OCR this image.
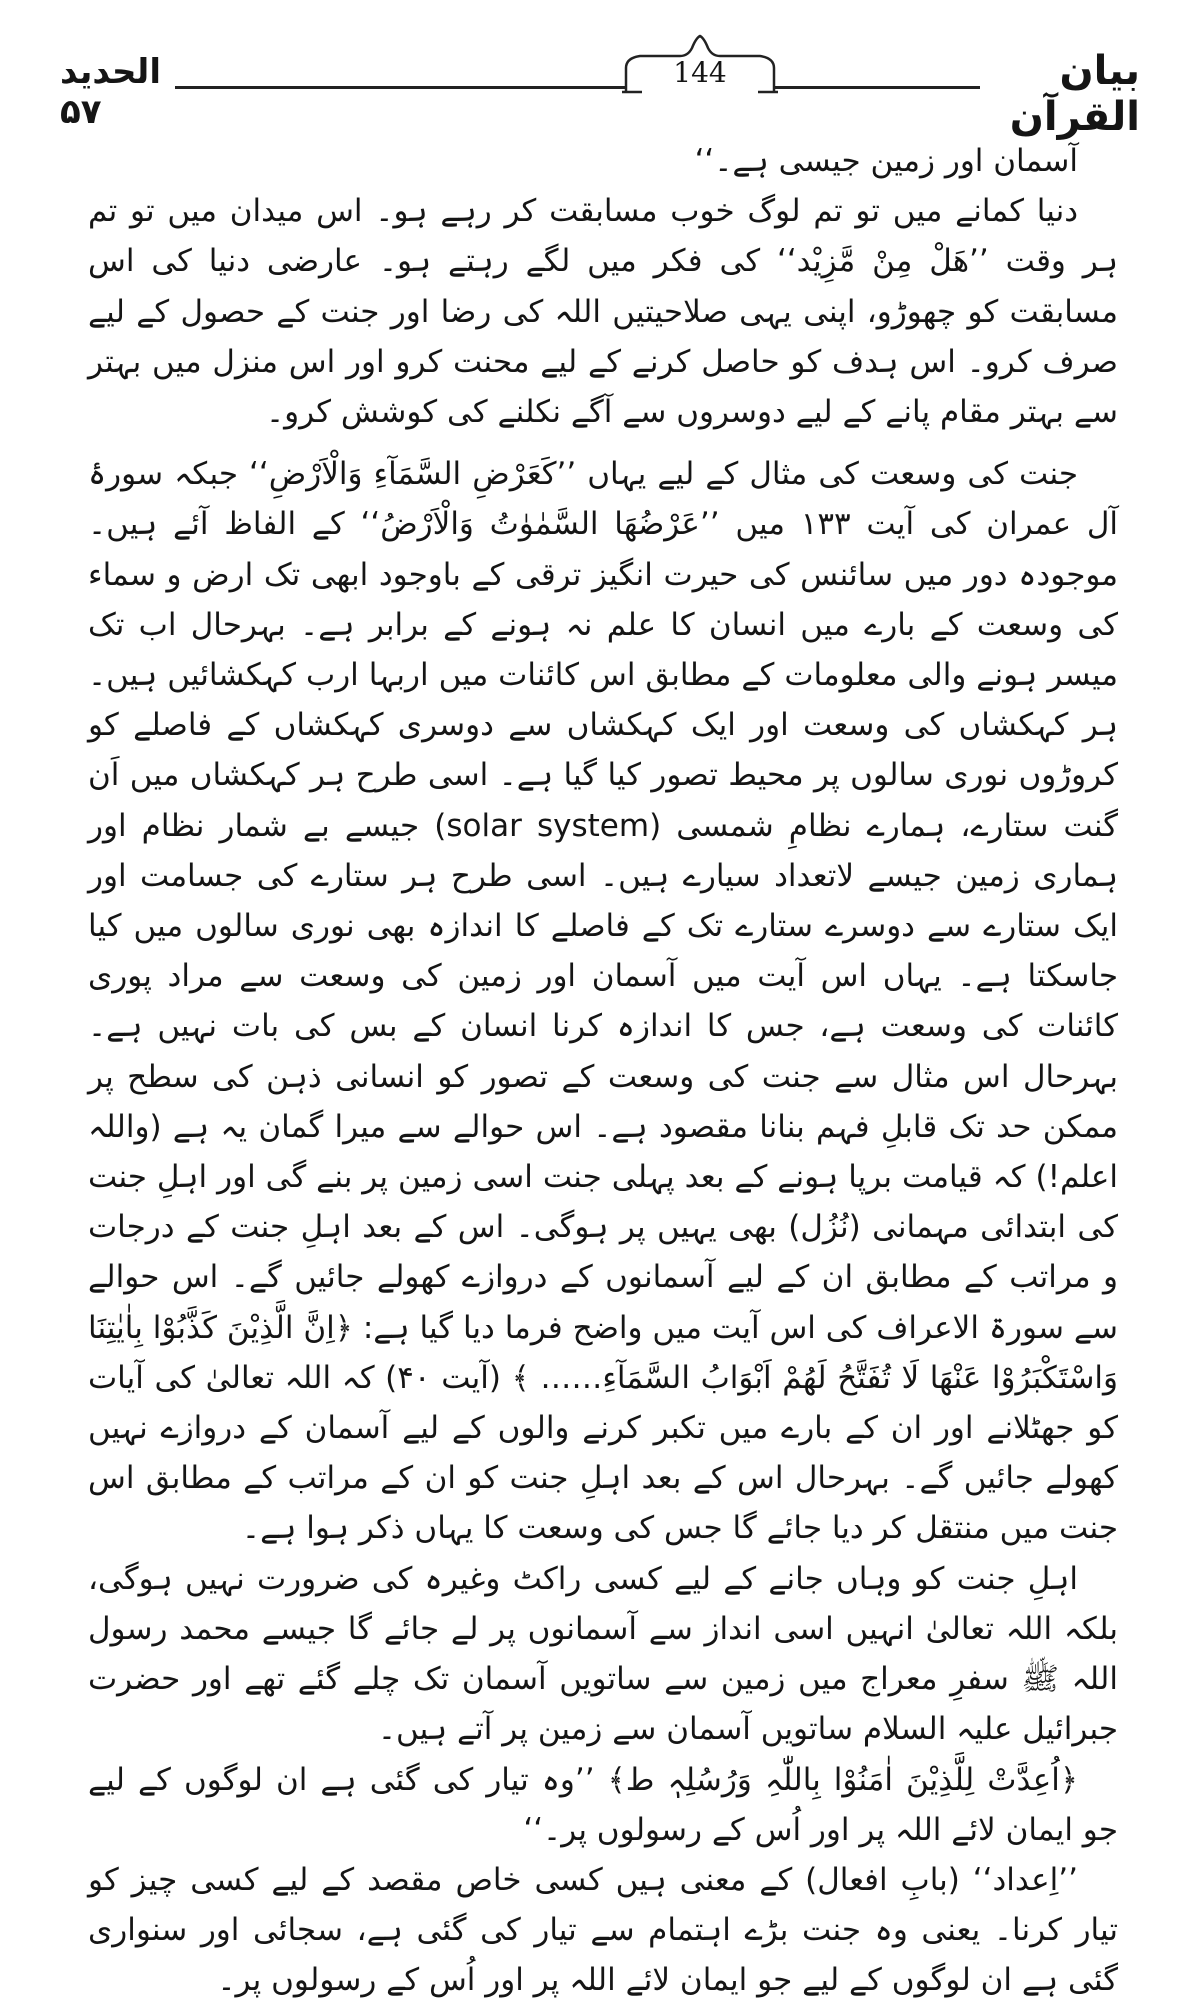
الحدید ۵۷
144	بیان القرآن

آسمان اور زمین جیسی ہے۔‘‘

دنیا کمانے میں تو تم لوگ خوب مسابقت کر رہے ہو۔ اس میدان میں تو تم ہر وقت ’’ھَلْ مِنْ مَّزِیْد‘‘ کی فکر میں لگے رہتے ہو۔ عارضی دنیا کی اس مسابقت کو چھوڑو، اپنی یہی صلاحیتیں اللہ کی رضا اور جنت کے حصول کے لیے صرف کرو۔ اس ہدف کو حاصل کرنے کے لیے محنت کرو اور اس منزل میں بہتر سے بہتر مقام پانے کے لیے دوسروں سے آگے نکلنے کی کوشش کرو۔

جنت کی وسعت کی مثال کے لیے یہاں ’’کَعَرْضِ السَّمَآءِ وَالْاَرْضِ‘‘ جبکہ سورۂ آل عمران کی آیت ۱۳۳ میں ’’عَرْضُھَا السَّمٰوٰتُ وَالْاَرْضُ‘‘ کے الفاظ آئے ہیں۔ موجودہ دور میں سائنس کی حیرت انگیز ترقی کے باوجود ابھی تک ارض و سماء کی وسعت کے بارے میں انسان کا علم نہ ہونے کے برابر ہے۔ بہرحال اب تک میسر ہونے والی معلومات کے مطابق اس کائنات میں اربہا ارب کہکشائیں ہیں۔ ہر کہکشاں کی وسعت اور ایک کہکشاں سے دوسری کہکشاں کے فاصلے کو کروڑوں نوری سالوں پر محیط تصور کیا گیا ہے۔ اسی طرح ہر کہکشاں میں اَن گنت ستارے، ہمارے نظامِ شمسی (solar system) جیسے بے شمار نظام اور ہماری زمین جیسے لاتعداد سیارے ہیں۔ اسی طرح ہر ستارے کی جسامت اور ایک ستارے سے دوسرے ستارے تک کے فاصلے کا اندازہ بھی نوری سالوں میں کیا جاسکتا ہے۔ یہاں اس آیت میں آسمان اور زمین کی وسعت سے مراد پوری کائنات کی وسعت ہے، جس کا اندازہ کرنا انسان کے بس کی بات نہیں ہے۔ بہرحال اس مثال سے جنت کی وسعت کے تصور کو انسانی ذہن کی سطح پر ممکن حد تک قابلِ فہم بنانا مقصود ہے۔ اس حوالے سے میرا گمان یہ ہے (واللہ اعلم!) کہ قیامت برپا ہونے کے بعد پہلی جنت اسی زمین پر بنے گی اور اہلِ جنت کی ابتدائی مہمانی (نُزُل) بھی یہیں پر ہوگی۔ اس کے بعد اہلِ جنت کے درجات و مراتب کے مطابق ان کے لیے آسمانوں کے دروازے کھولے جائیں گے۔ اس حوالے سے سورۃ الاعراف کی اس آیت میں واضح فرما دیا گیا ہے: ﴿اِنَّ الَّذِیْنَ کَذَّبُوْا بِاٰیٰتِنَا وَاسْتَکْبَرُوْا عَنْھَا لَا تُفَتَّحُ لَھُمْ اَبْوَابُ السَّمَآءِ…… ﴾ (آیت ۴۰) کہ اللہ تعالیٰ کی آیات کو جھٹلانے اور ان کے بارے میں تکبر کرنے والوں کے لیے آسمان کے دروازے نہیں کھولے جائیں گے۔ بہرحال اس کے بعد اہلِ جنت کو ان کے مراتب کے مطابق اس جنت میں منتقل کر دیا جائے گا جس کی وسعت کا یہاں ذکر ہوا ہے۔

اہلِ جنت کو وہاں جانے کے لیے کسی راکٹ وغیرہ کی ضرورت نہیں ہوگی، بلکہ اللہ تعالیٰ انہیں اسی انداز سے آسمانوں پر لے جائے گا جیسے محمد رسول اللہ ﷺ سفرِ معراج میں زمین سے ساتویں آسمان تک چلے گئے تھے اور حضرت جبرائیل علیہ السلام ساتویں آسمان سے زمین پر آتے ہیں۔

﴿اُعِدَّتْ لِلَّذِیْنَ اٰمَنُوْا بِاللّٰہِ وَرُسُلِہٖ ط﴾ ’’وہ تیار کی گئی ہے ان لوگوں کے لیے جو ایمان لائے اللہ پر اور اُس کے رسولوں پر۔‘‘

’’اِعداد‘‘ (بابِ افعال) کے معنی ہیں کسی خاص مقصد کے لیے کسی چیز کو تیار کرنا۔ یعنی وہ جنت بڑے اہتمام سے تیار کی گئی ہے، سجائی اور سنواری گئی ہے ان لوگوں کے لیے جو ایمان لائے اللہ پر اور اُس کے رسولوں پر۔
